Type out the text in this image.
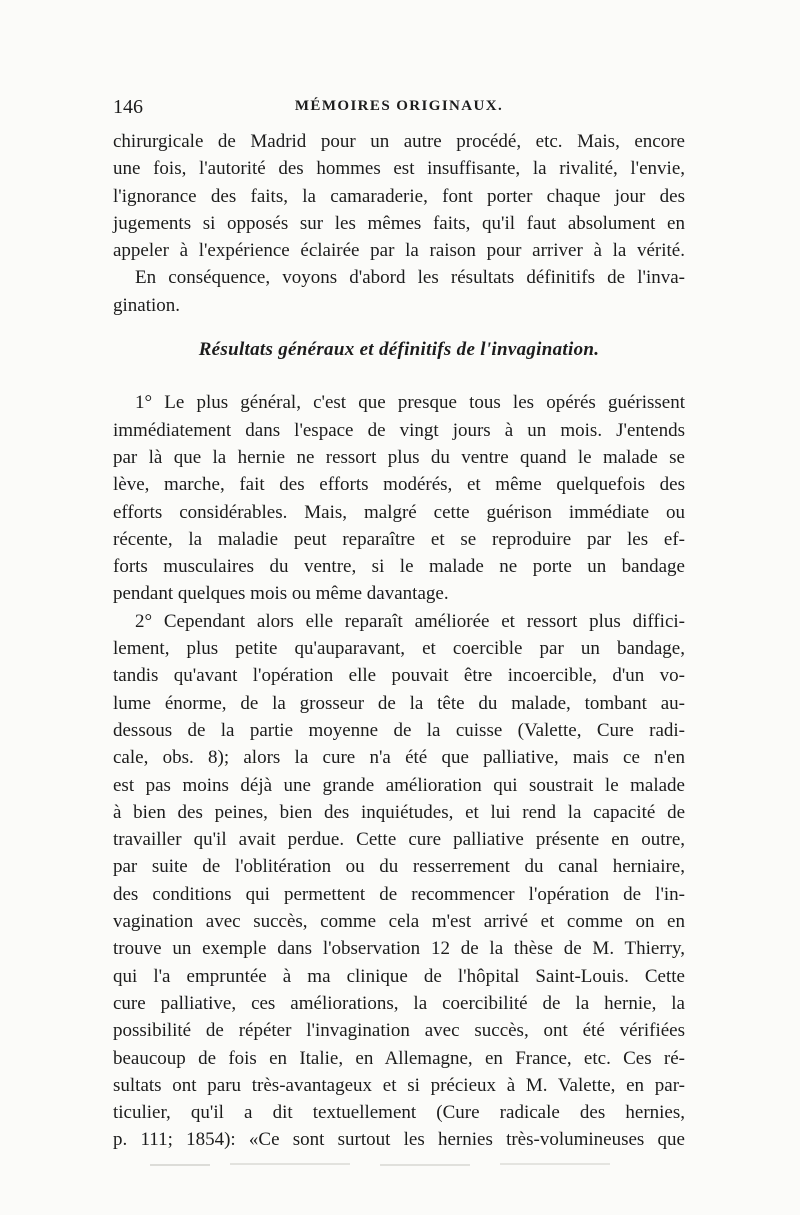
146	MÉMOIRES ORIGINAUX.
chirurgicale de Madrid pour un autre procédé, etc. Mais, encore
une fois, l'autorité des hommes est insuffisante, la rivalité, l'envie,
l'ignorance des faits, la camaraderie, font porter chaque jour des
jugements si opposés sur les mêmes faits, qu'il faut absolument en
appeler à l'expérience éclairée par la raison pour arriver à la vérité.
En conséquence, voyons d'abord les résultats définitifs de l'inva-
gination.
Résultats généraux et définitifs de l'invagination.
1° Le plus général, c'est que presque tous les opérés guérissent
immédiatement dans l'espace de vingt jours à un mois. J'entends
par là que la hernie ne ressort plus du ventre quand le malade se
lève, marche, fait des efforts modérés, et même quelquefois des
efforts considérables. Mais, malgré cette guérison immédiate ou
récente, la maladie peut reparaître et se reproduire par les ef-
forts musculaires du ventre, si le malade ne porte un bandage
pendant quelques mois ou même davantage.
2° Cependant alors elle reparaît améliorée et ressort plus diffici-
lement, plus petite qu'auparavant, et coercible par un bandage,
tandis qu'avant l'opération elle pouvait être incoercible, d'un vo-
lume énorme, de la grosseur de la tête du malade, tombant au-
dessous de la partie moyenne de la cuisse (Valette, Cure radi-
cale, obs. 8); alors la cure n'a été que palliative, mais ce n'en
est pas moins déjà une grande amélioration qui soustrait le malade
à bien des peines, bien des inquiétudes, et lui rend la capacité de
travailler qu'il avait perdue. Cette cure palliative présente en outre,
par suite de l'oblitération ou du resserrement du canal herniaire,
des conditions qui permettent de recommencer l'opération de l'in-
vagination avec succès, comme cela m'est arrivé et comme on en
trouve un exemple dans l'observation 12 de la thèse de M. Thierry,
qui l'a empruntée à ma clinique de l'hôpital Saint-Louis. Cette
cure palliative, ces améliorations, la coercibilité de la hernie, la
possibilité de répéter l'invagination avec succès, ont été vérifiées
beaucoup de fois en Italie, en Allemagne, en France, etc. Ces ré-
sultats ont paru très-avantageux et si précieux à M. Valette, en par-
ticulier, qu'il a dit textuellement (Cure radicale des hernies,
p. 111; 1854): «Ce sont surtout les hernies très-volumineuses que
